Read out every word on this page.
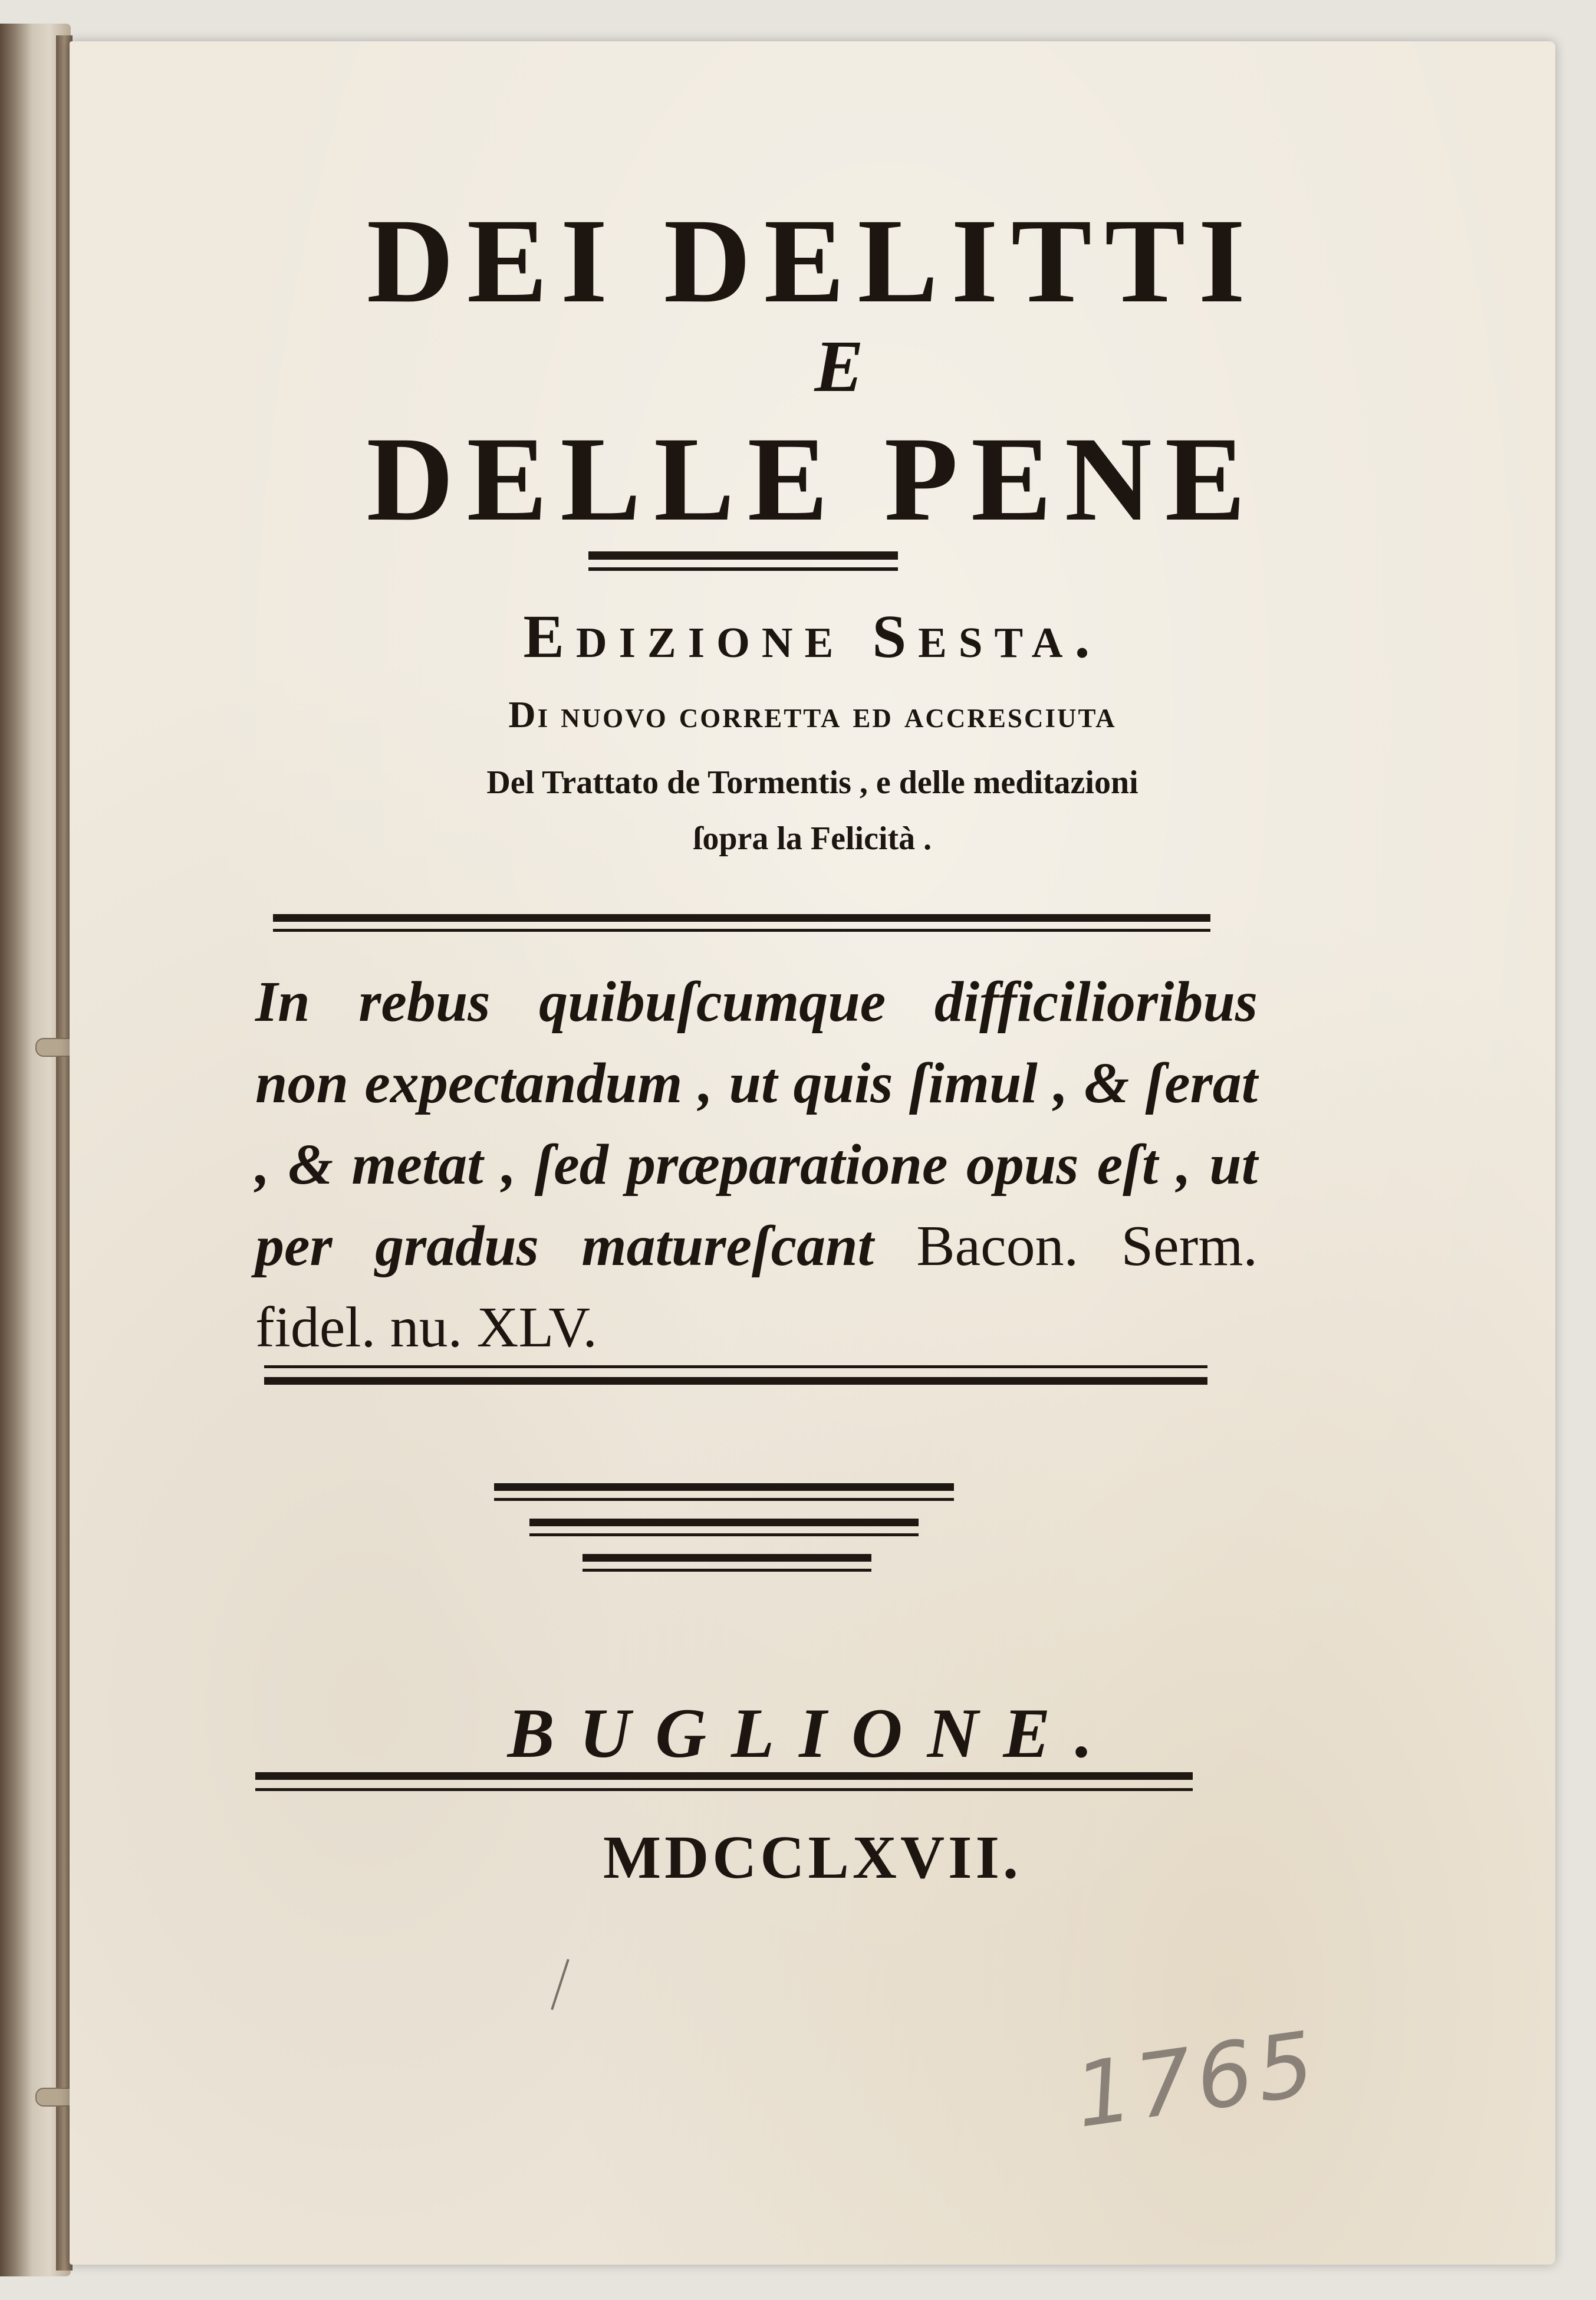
DEI DELITTI
E
DELLE PENE
Edizione Sesta.
Di nuovo corretta ed accresciuta
Del Trattato de Tormentis , e delle meditazioni
ſopra la Felicità .
In rebus quibuſcumque difficilioribus non expectandum , ut quis ſimul , & ſerat , & metat , ſed præparatione opus eſt , ut per gradus matureſcant Bacon. Serm. fidel. nu. XLV.
BUGLIONE.
MDCCLXVII.
1765
